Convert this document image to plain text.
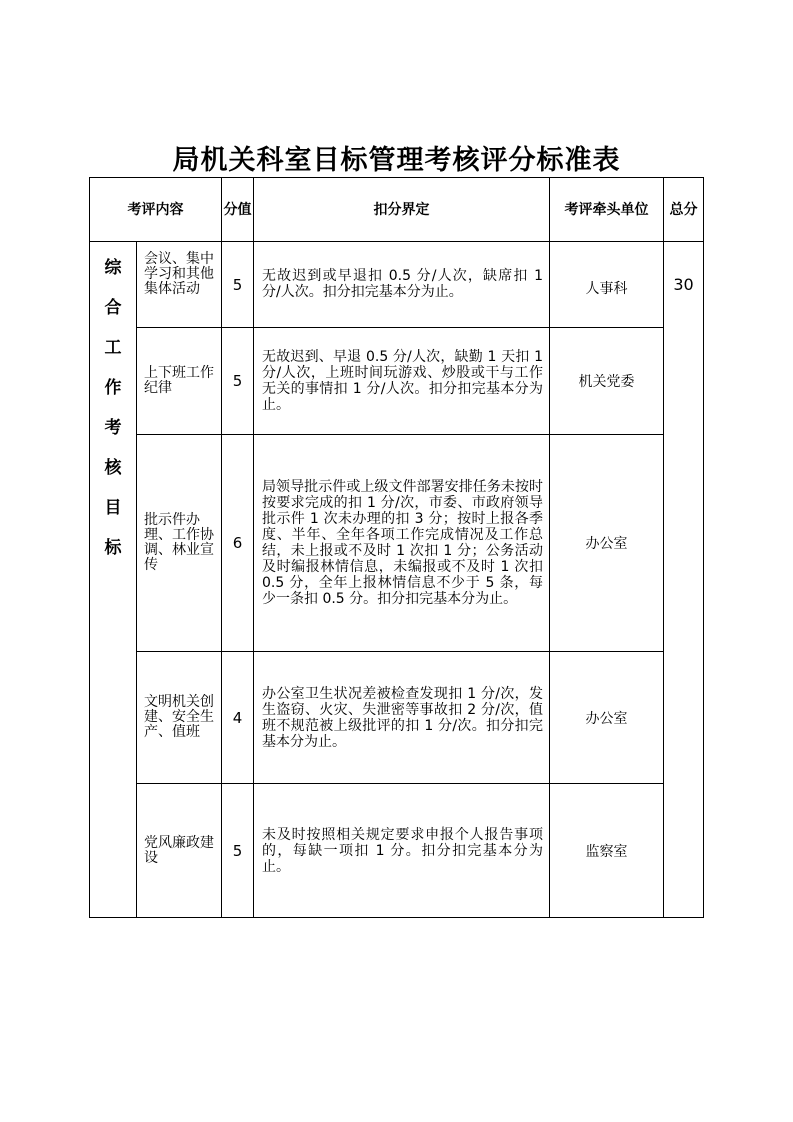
局机关科室目标管理考核评分标准表
考评内容		分值	扣分界定	考评牵头单位	总分

综合工作考核目标	会议、集中学习和其他集体活动	5	无故迟到或早退扣 0.5 分/人次，缺席扣 1 分/人次。扣分扣完基本分为止。	人事科	30
	上下班工作纪律	5	无故迟到、早退 0.5 分/人次，缺勤 1 天扣 1 分/人次，上班时间玩游戏、炒股或干与工作无关的事情扣 1 分/人次。扣分扣完基本分为止。	机关党委	
	批示件办理、工作协调、林业宣传	6	局领导批示件或上级文件部署安排任务未按时按要求完成的扣 1 分/次，市委、市政府领导批示件 1 次未办理的扣 3 分；按时上报各季度、半年、全年各项工作完成情况及工作总结，未上报或不及时 1 次扣 1 分；公务活动及时编报林情信息，未编报或不及时 1 次扣 0.5 分，全年上报林情信息不少于 5 条，每少一条扣 0.5 分。扣分扣完基本分为止。	办公室	
	文明机关创建、安全生产、值班	4	办公室卫生状况差被检查发现扣 1 分/次，发生盗窃、火灾、失泄密等事故扣 2 分/次，值班不规范被上级批评的扣 1 分/次。扣分扣完基本分为止。	办公室	
	党风廉政建设	5	未及时按照相关规定要求申报个人报告事项的，每缺一项扣 1 分。扣分扣完基本分为止。	监察室	
